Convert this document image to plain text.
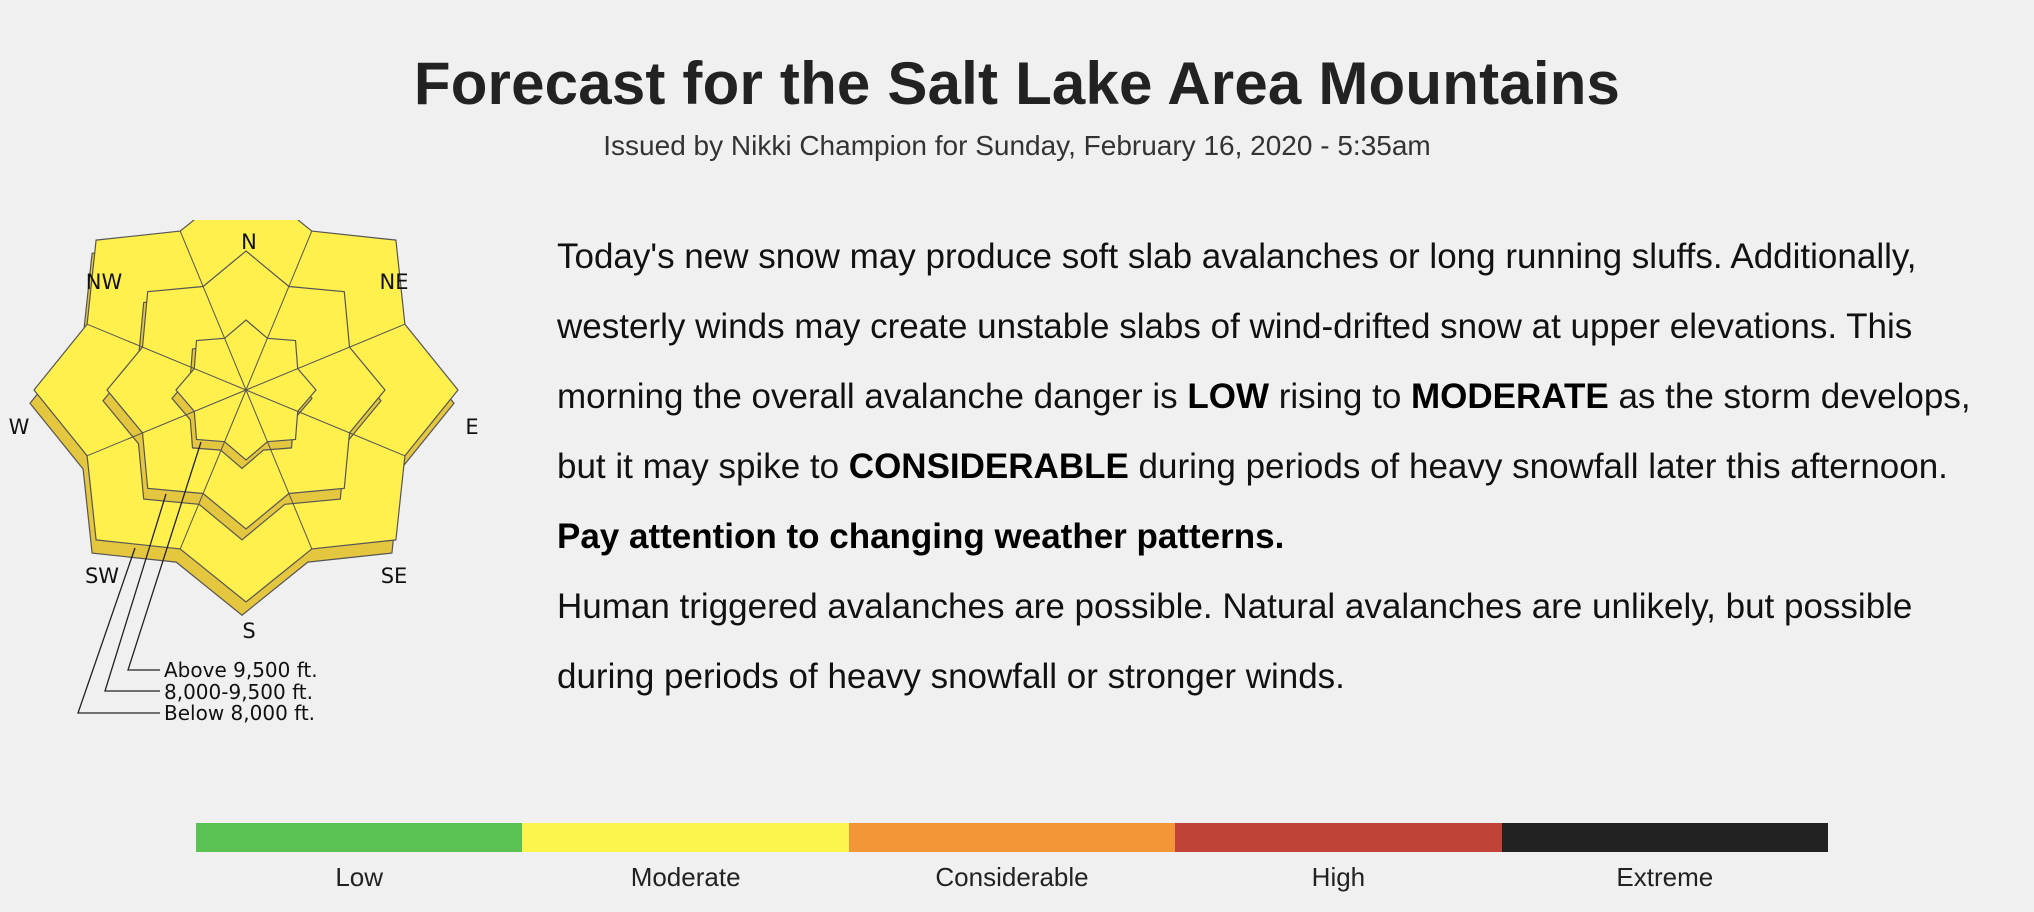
Forecast for the Salt Lake Area Mountains
Issued by Nikki Champion for Sunday, February 16, 2020 - 5:35am
N
NE
E
SE
S
SW
W
NW
Above 9,500 ft.
8,000-9,500 ft.
Below 8,000 ft.

Today's new snow may produce soft slab avalanches or long running sluffs. Additionally, westerly winds may create unstable slabs of wind-drifted snow at upper elevations. This morning the overall avalanche danger is LOW rising to MODERATE as the storm develops, but it may spike to CONSIDERABLE during periods of heavy snowfall later this afternoon. Pay attention to changing weather patterns.

Human triggered avalanches are possible. Natural avalanches are unlikely, but possible during periods of heavy snowfall or stronger winds.

Low	Moderate	Considerable	High	Extreme
